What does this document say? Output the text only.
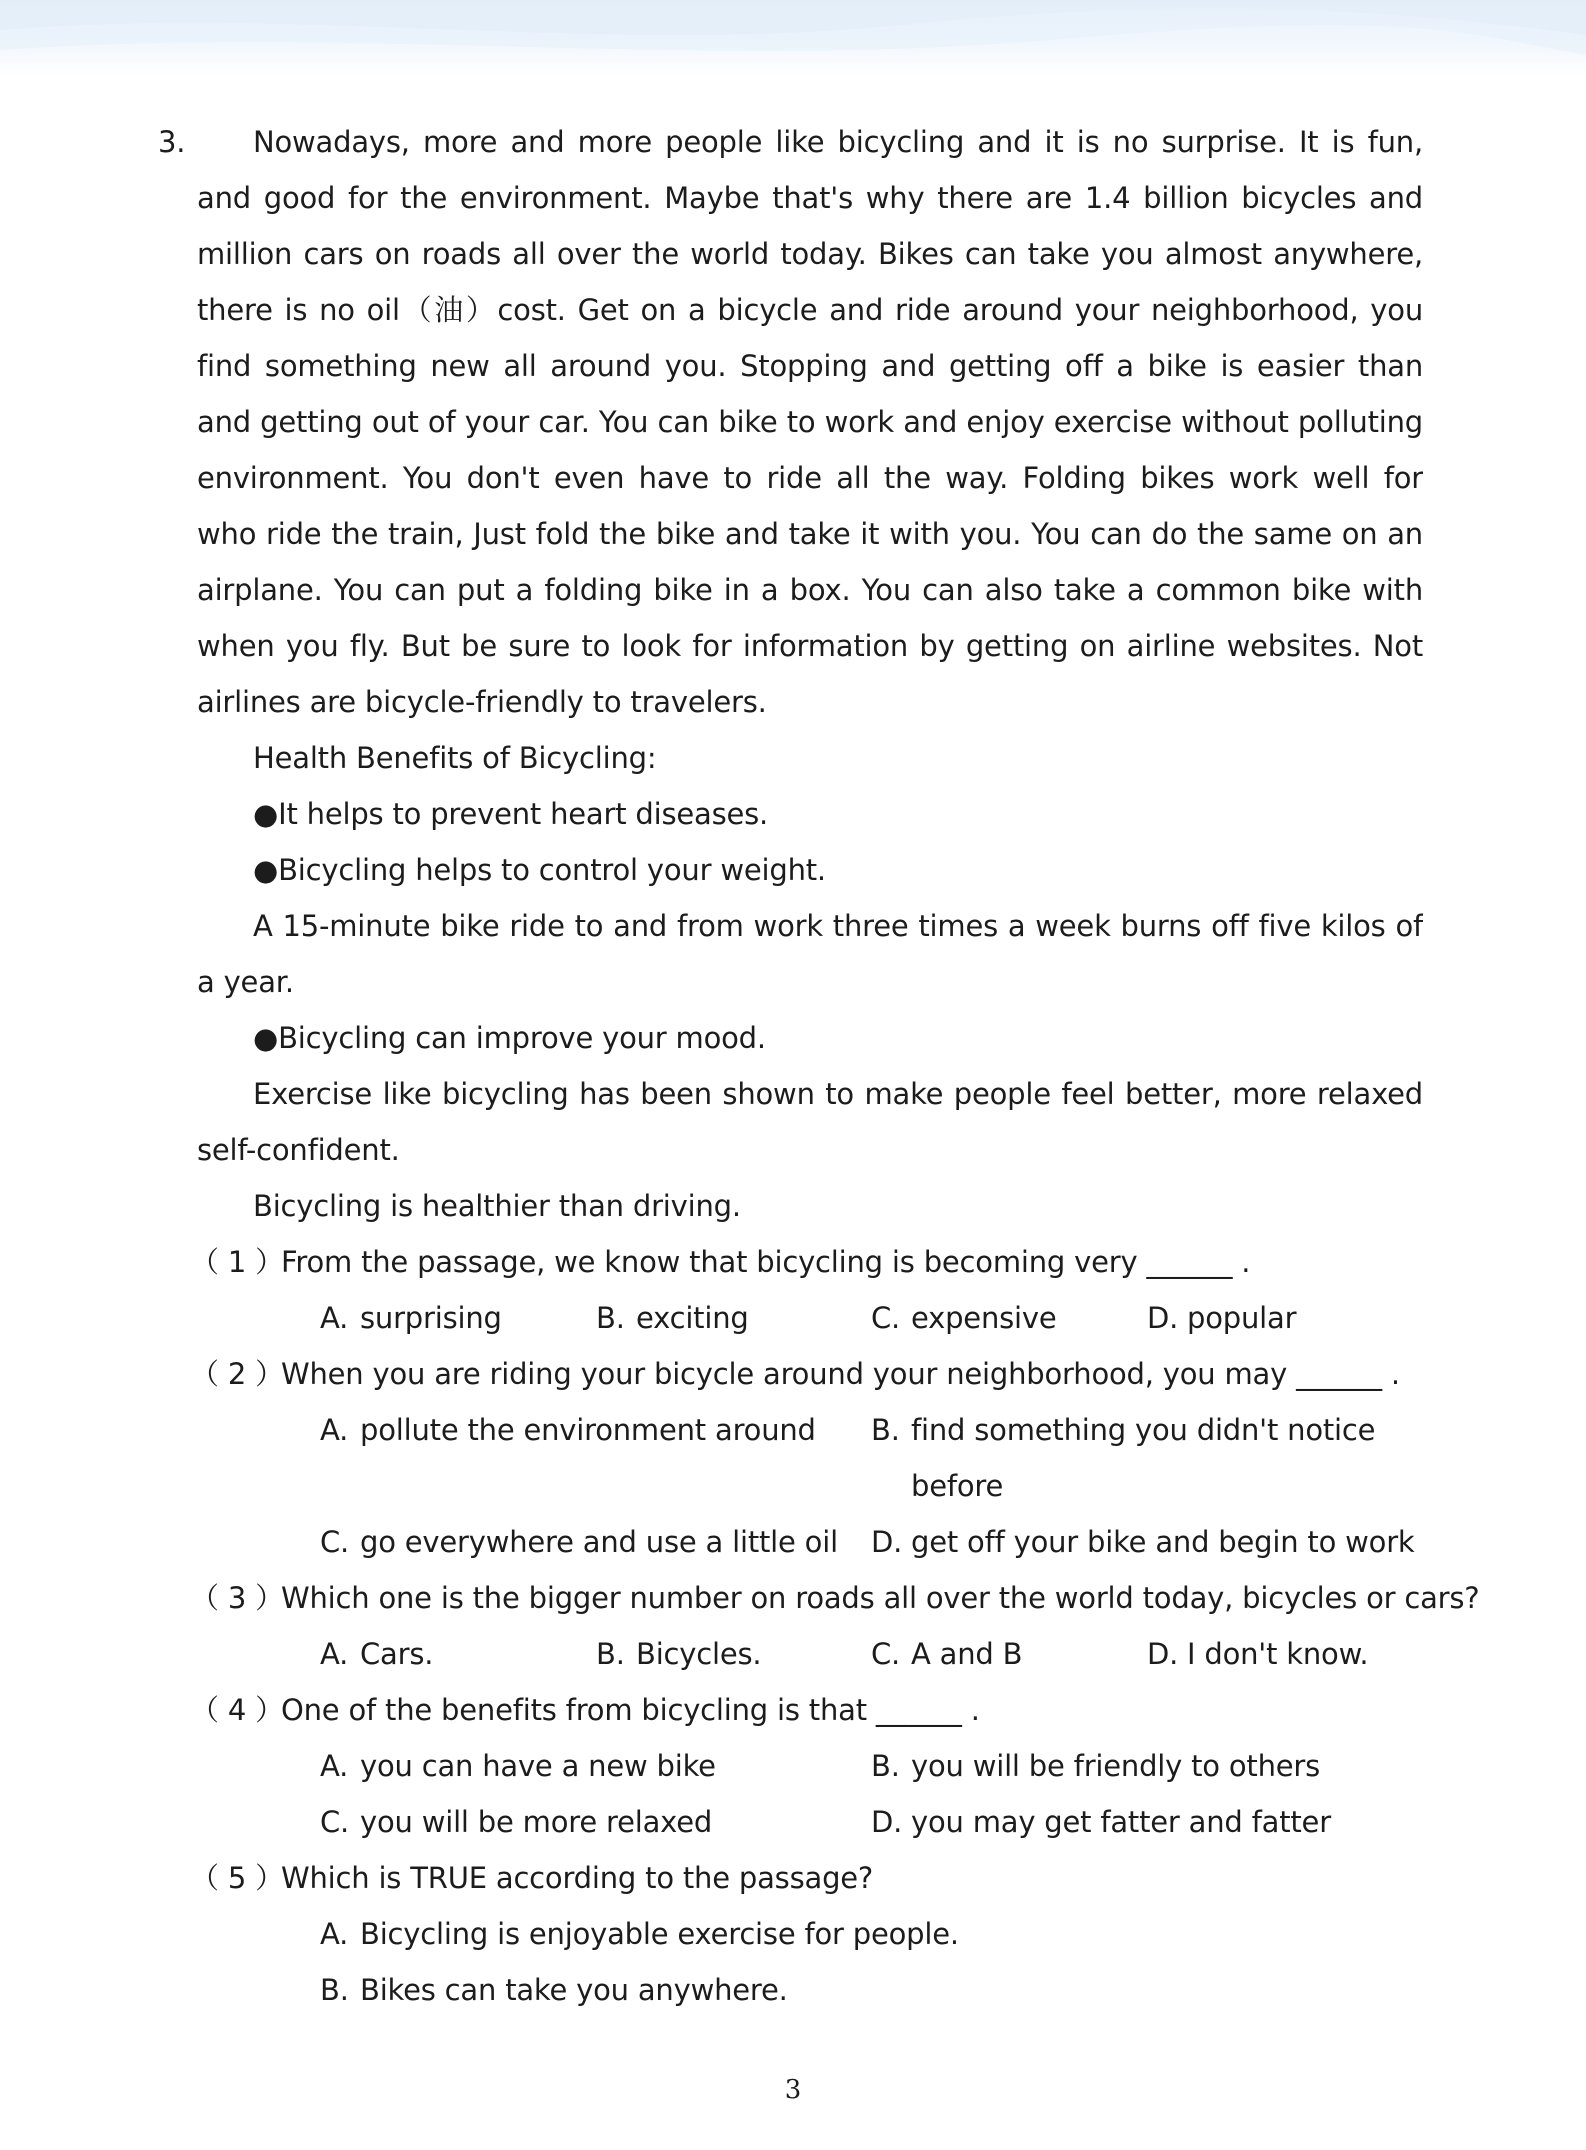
3. Nowadays, more and more people like bicycling and it is no surprise. It is fun,
and good for the environment. Maybe that's why there are 1.4 billion bicycles and
million cars on roads all over the world today. Bikes can take you almost anywhere,
there is no oil（油）cost. Get on a bicycle and ride around your neighborhood, you
find something new all around you. Stopping and getting off a bike is easier than
and getting out of your car. You can bike to work and enjoy exercise without polluting
environment. You don't even have to ride all the way. Folding bikes work well for
who ride the train, Just fold the bike and take it with you. You can do the same on an
airplane. You can put a folding bike in a box. You can also take a common bike with
when you fly. But be sure to look for information by getting on airline websites. Not
airlines are bicycle-friendly to travelers.
Health Benefits of Bicycling:
●It helps to prevent heart diseases.
●Bicycling helps to control your weight.
A 15-minute bike ride to and from work three times a week burns off five kilos of
a year.
●Bicycling can improve your mood.
Exercise like bicycling has been shown to make people feel better, more relaxed
self-confident.
Bicycling is healthier than driving.
（ 1 ）
From the passage, we know that bicycling is becoming very ______ .
A. surprising	B. exciting	C. expensive	D. popular
（ 2 ）
When you are riding your bicycle around your neighborhood, you may ______ .
A. pollute the environment around B. find something you didn't notice
before
C. go everywhere and use a little oil D. get off your bike and begin to work
（ 3 ）
Which one is the bigger number on roads all over the world today, bicycles or cars?
A. Cars.	B. Bicycles.	C. A and B	D. I don't know.
（ 4 ）
One of the benefits from bicycling is that ______ .
A. you can have a new bike	B. you will be friendly to others
C. you will be more relaxed	D. you may get fatter and fatter
（ 5 ）
Which is TRUE according to the passage?
A. Bicycling is enjoyable exercise for people.
B. Bikes can take you anywhere.
3
